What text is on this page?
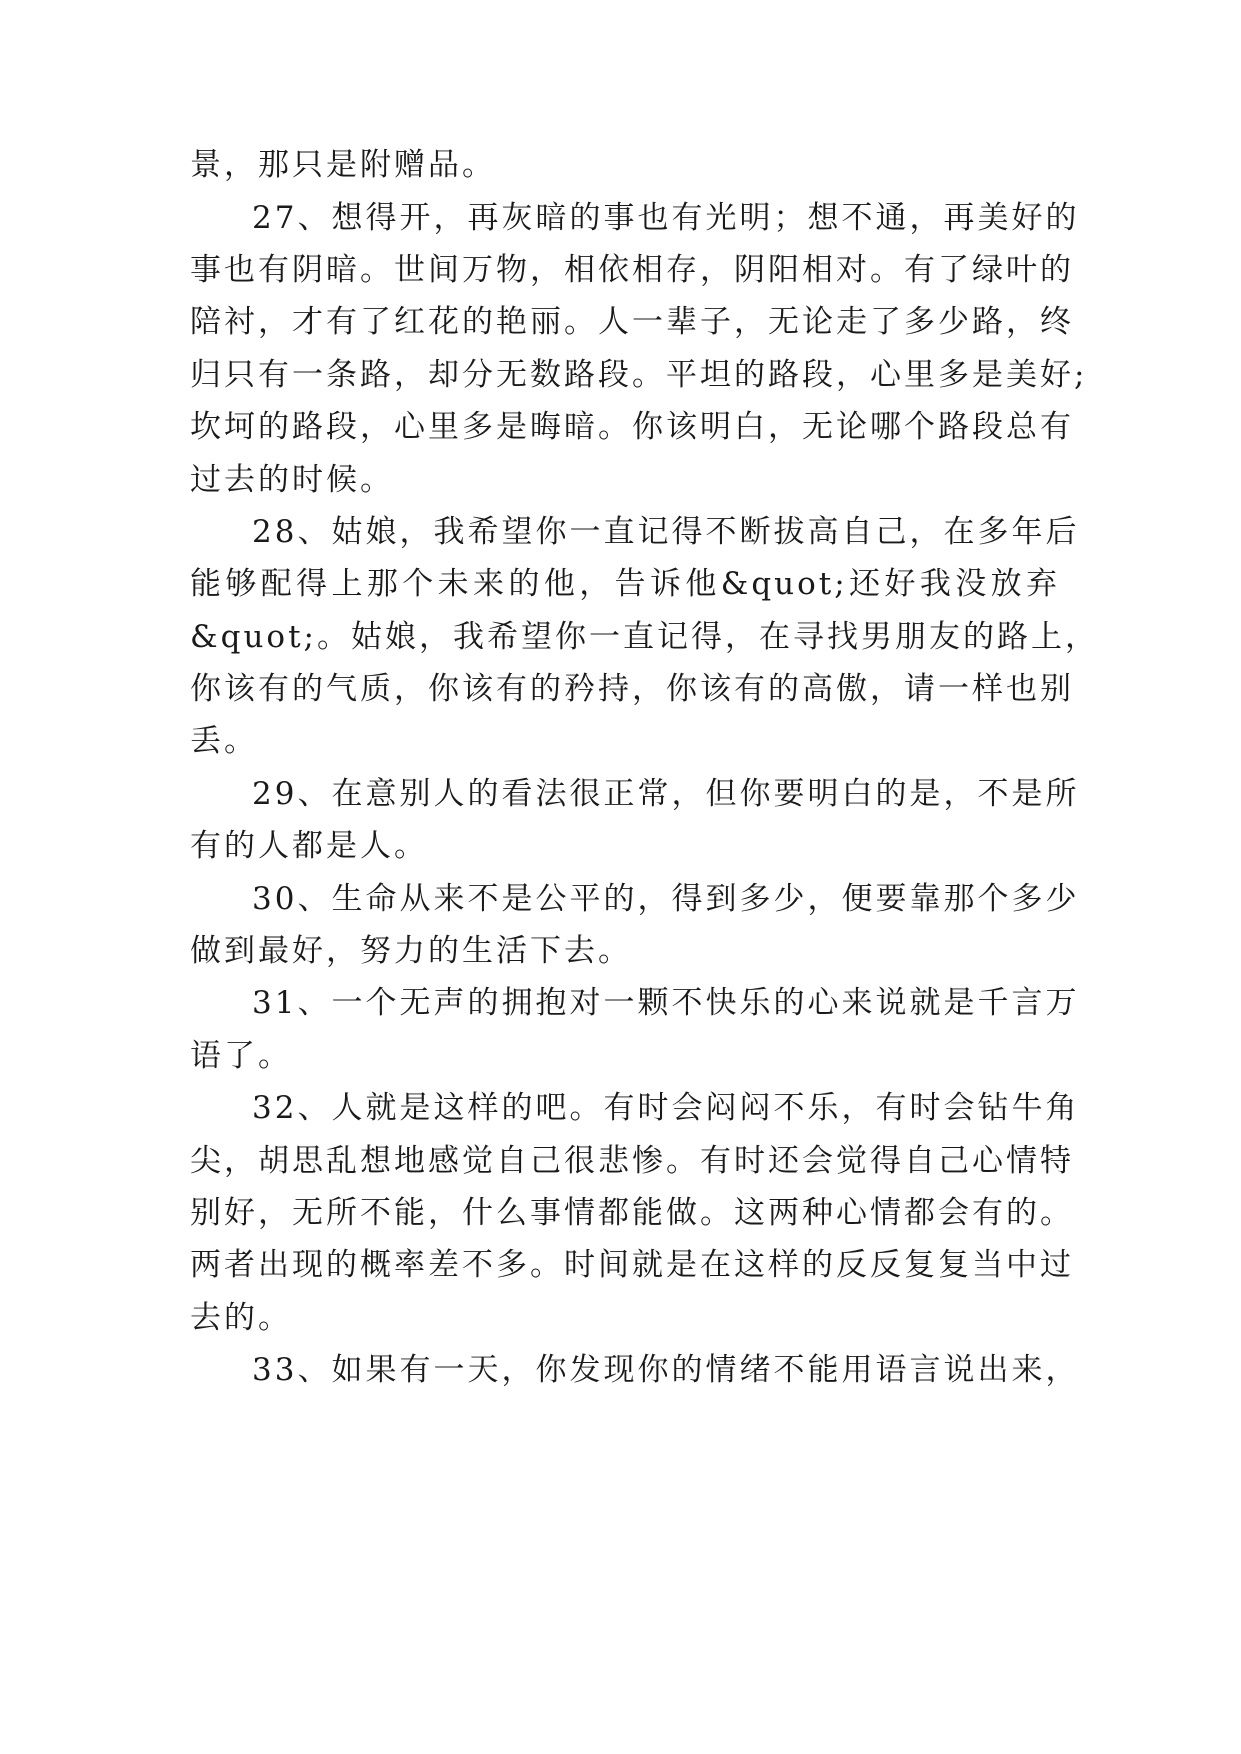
景，那只是附赠品。
27、想得开，再灰暗的事也有光明；想不通，再美好的
事也有阴暗。世间万物，相依相存，阴阳相对。有了绿叶的
陪衬，才有了红花的艳丽。人一辈子，无论走了多少路，终
归只有一条路，却分无数路段。平坦的路段，心里多是美好;
坎坷的路段，心里多是晦暗。你该明白，无论哪个路段总有
过去的时候。
28、姑娘，我希望你一直记得不断拔高自己，在多年后
能够配得上那个未来的他，告诉他&quot;还好我没放弃
&quot;。姑娘，我希望你一直记得，在寻找男朋友的路上，
你该有的气质，你该有的矜持，你该有的高傲，请一样也别
丢。
29、在意别人的看法很正常，但你要明白的是，不是所
有的人都是人。
30、生命从来不是公平的，得到多少，便要靠那个多少
做到最好，努力的生活下去。
31、一个无声的拥抱对一颗不快乐的心来说就是千言万
语了。
32、人就是这样的吧。有时会闷闷不乐，有时会钻牛角
尖，胡思乱想地感觉自己很悲惨。有时还会觉得自己心情特
别好，无所不能，什么事情都能做。这两种心情都会有的。
两者出现的概率差不多。时间就是在这样的反反复复当中过
去的。
33、如果有一天，你发现你的情绪不能用语言说出来，
